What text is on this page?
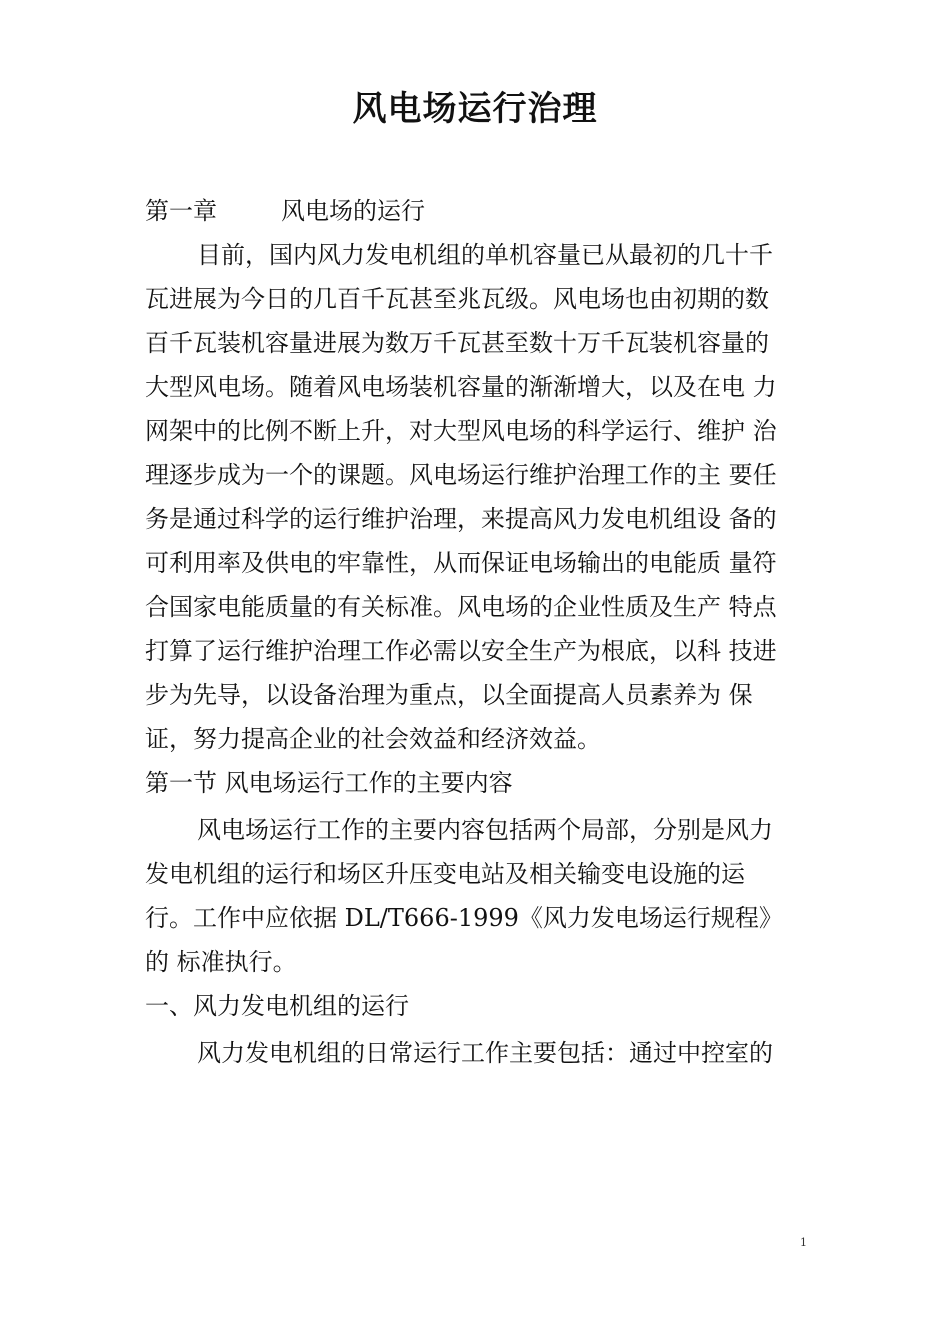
风电场运行治理
第一章	风电场的运行
目前，国内风力发电机组的单机容量已从最初的几十千
瓦进展为今日的几百千瓦甚至兆瓦级。风电场也由初期的数
百千瓦装机容量进展为数万千瓦甚至数十万千瓦装机容量的
大型风电场。随着风电场装机容量的渐渐增大，以及在电 力
网架中的比例不断上升，对大型风电场的科学运行、维护 治
理逐步成为一个的课题。风电场运行维护治理工作的主 要任
务是通过科学的运行维护治理，来提高风力发电机组设 备的
可利用率及供电的牢靠性，从而保证电场输出的电能质 量符
合国家电能质量的有关标准。风电场的企业性质及生产 特点
打算了运行维护治理工作必需以安全生产为根底，以科 技进
步为先导，以设备治理为重点，以全面提高人员素养为 保
证，努力提高企业的社会效益和经济效益。
第一节 风电场运行工作的主要内容
风电场运行工作的主要内容包括两个局部，分别是风力
发电机组的运行和场区升压变电站及相关输变电设施的运
行。工作中应依据 DL/T666-1999《风力发电场运行规程》
的 标准执行。
一、风力发电机组的运行
风力发电机组的日常运行工作主要包括：通过中控室的
1
